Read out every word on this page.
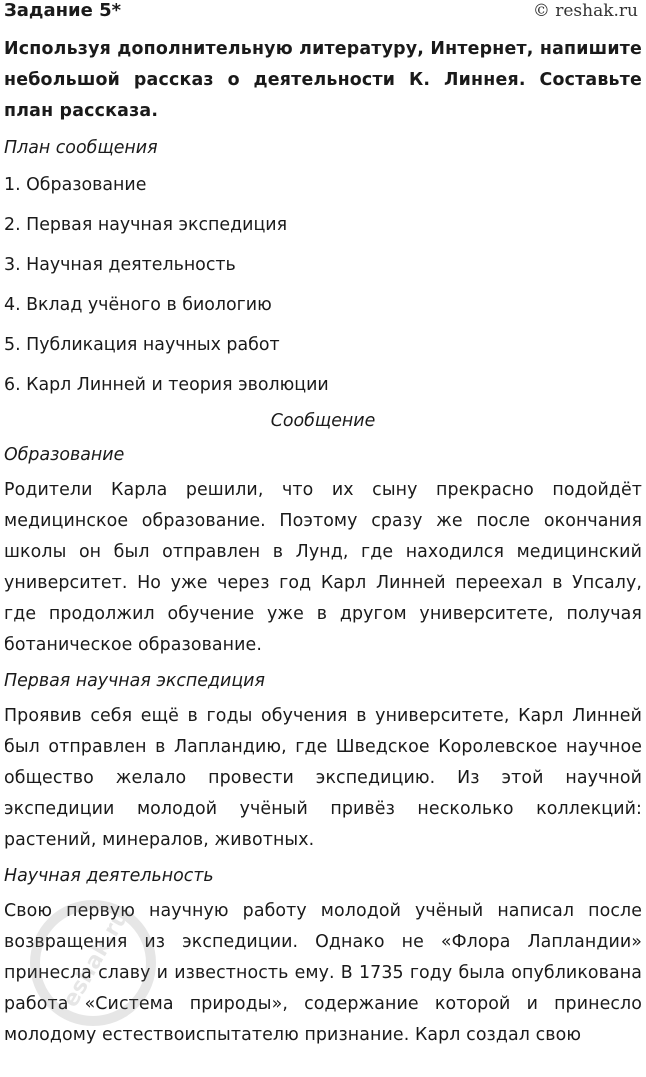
Задание 5*	© reshak.ru

Используя дополнительную литературу, Интернет, напишите небольшой рассказ о деятельности К. Линнея. Составьте план рассказа.

План сообщения
1. Образование
2. Первая научная экспедиция
3. Научная деятельность
4. Вклад учёного в биологию
5. Публикация научных работ
6. Карл Линней и теория эволюции
Сообщение
Образование

Родители Карла решили, что их сыну прекрасно подойдёт медицинское образование. Поэтому сразу же после окончания школы он был отправлен в Лунд, где находился медицинский университет. Но уже через год Карл Линней переехал в Упсалу, где продолжил обучение уже в другом университете, получая ботаническое образование.

Первая научная экспедиция

Проявив себя ещё в годы обучения в университете, Карл Линней был отправлен в Лапландию, где Шведское Королевское научное общество желало провести экспедицию. Из этой научной экспедиции молодой учёный привёз несколько коллекций: растений, минералов, животных.

Научная деятельность

Свою первую научную работу молодой учёный написал после возвращения из экспедиции. Однако не «Флора Лапландии» принесла славу и известность ему. В 1735 году была опубликована работа «Система природы», содержание которой и принесло молодому естествоиспытателю признание. Карл создал свою

reshak.ru
